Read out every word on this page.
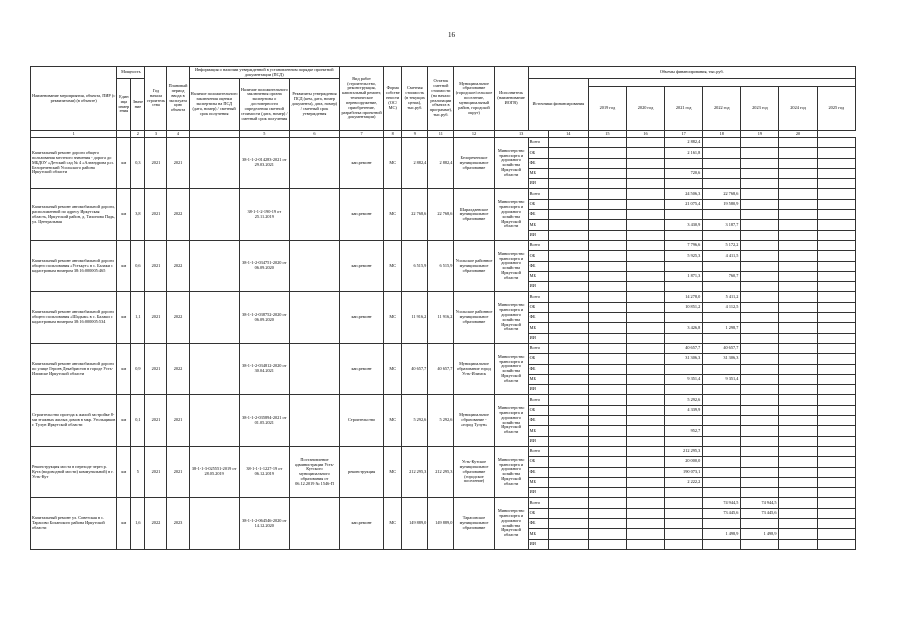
16
Наименование мероприятия, объекта, ПИР (с реквизитами) (в объекте)	Мощность		Год начала строительства	Плановый период ввода в эксплуатацию объекта	Информация о наличии утвержденной в установленном порядке проектной документации (ПСД)			Вид работ (строительство, реконструкция, капитальный ремонт, техническое перевооружение, приобретение, разработка проектной документации)	Форма собственности (ОС/ МС)	Сметная стоимость (в текущих ценах), тыс.руб.	Остаток сметной стоимости (на начало реализации объекта в программе), тыс.руб.	Муниципальное образование (городское/сельское поселение, муниципальный район, городской округ)	Исполнитель (наименование ИОГВ)	Объемы финансирования, тыс.руб.								
	Единица измерения	Значение			Наличие положительного заключения оценки экспертизы на ПСД (дата, номер) / сметный срок получения	Наличие положительного заключения органа экспертизы о достоверности определения сметной стоимости (дата, номер) / сметный срок получения	Реквизиты утверждения ПСД (кем, дата, номер документа), дата, номер) / сметный срок утверждения							Источники финансирования								
																2019 год	2020 год	2021 год	2022 год	2023 год	2024 год	2025 год
1		2	3	4		5	6	7	8	9	11	12	13		14	15	16	17	18	19	20	
Капитальный ремонт дороги общего пользования местного значения - дорога до МБДОУ «Детский сад № 4 «Алеандрова р.п. Белореченский Усольского района Иркутской области	км	0,3	2021	2021		38-1-1-2-014283-2021 от 29.03.2021		кап.ремонт	МС	2 882,4	2 882,4	Белореченское муниципальное образование	Министерство транспорта и дорожного хозяйства Иркутской области	Всего				2 882,4				
														ОБ				2 161,8				
														ФБ								
														МБ				720,6				
														ИИ								
Капитальный ремонт автомобильной дороги, расположенной по адресу Иркутская область, Иркутский район, д. Тихонова Падь, ул. Центральная	км	3,8	2021	2022		38-1-1-2-190-19 от 25.11.2019		кап.ремонт	МС	22 768,6	22 768,6	Шаралдаевское муниципальное образование	Министерство транспорта и дорожного хозяйства Иркутской области	Всего				24 506,3	22 768,6			
														ОБ				21 075,4	19 580,9			
														ФБ								
														МБ				3 430,9	3 187,7			
														ИИ								
Капитальный ремонт автомобильной дороги общего пользования «Устькут» в с. Балаки с кадастровым номером 38:16:000005:465	км	0,6	2021	2022		38-1-1-2-034751-2020 от 06.09.2020		кап.ремонт	МС	6 515,9	6 515,9	Усольское районное муниципальное образование	Министерство транспорта и дорожного хозяйства Иркутской области	Всего				7 796,6	5 172,2			
														ОБ				5 925,3	4 411,5			
														ФБ								
														МБ				1 871,3	760,7			
														ИИ								
Капитальный ремонт автомобильной дороги общего пользования «Шадым» в с. Балаки с кадастровым номером 38:16:000005:534	км	1,1	2021	2022		38-1-1-2-038752-2020 от 06.09.2020		кап.ремонт	МС	11 916,2	11 916,2	Усольское районное муниципальное образование	Министерство транспорта и дорожного хозяйства Иркутской области	Всего				14 278,0	5 411,2			
														ОБ				10 851,2	4 112,5			
														ФБ								
														МБ				3 426,8	1 298,7			
														ИИ								
Капитальный ремонт автомобильной дороги по улице Героев Декабристов в городе Усть-Илимске Иркутской области	км	0,9	2021	2022		38-1-1-2-034812-2020 от 30.04.2021		кап.ремонт	МС	40 657,7	40 657,7	Муниципальное образование город Усть-Илимск	Министерство транспорта и дорожного хозяйства Иркутской области	Всего				40 657,7	40 657,7			
														ОБ				31 306,3	31 306,3			
														ФБ								
														МБ				9 351,4	9 351,4			
														ИИ								
Строительство проезда к жилой застройке 8-ми этажных жилых домов в мкр. Угольщиков г. Тулун Иркутской области	км	0,1	2021	2021		38-1-1-2-035894-2021 от 01.05.2021		Строительство	МС	5 292,6	5 292,6	Муниципальное образование - «город Тулун»	Министерство транспорта и дорожного хозяйства Иркутской области	Всего				5 292,6				
														ОБ				4 339,9				
														ФБ								
														МБ				952,7				
														ИИ								
Реконструкция моста в переходе через р. Кута (водоводной мости) коммунальной) в г. Усть-Кут	км	5	2021	2021	38-1-1-3-025551-2019 от 28.05.2019	38-1-1-1-1227-19 от 06.12.2019	Постановление администрации Усть-Кутского муниципального образования от 06.12.2019 № 1546-П	реконструкция	МС	212 295,3	212 295,3	Усть-Кутское муниципальное образование (городское поселение)	Министерство транспорта и дорожного хозяйства Иркутской области	Всего				212 295,3				
														ОБ				20 000,0				
														ФБ				190 073,1				
														МБ				2 222,2				
														ИИ								
Капитальный ремонт ул. Советская в с. Тарасово Боханского района Иркутской области	км	1,6	2022	2023		38-1-1-2-064546-2020 от 14.12.2020		кап.ремонт	МС	149 889,0	149 889,0	Тарасовское муниципальное образование	Министерство транспорта и дорожного хозяйства Иркутской области	Всего					74 944,5	74 944,5		
														ОБ					73 445,6	73 445,6		
														ФБ								
														МБ					1 498,9	1 498,9		
														ИИ								
